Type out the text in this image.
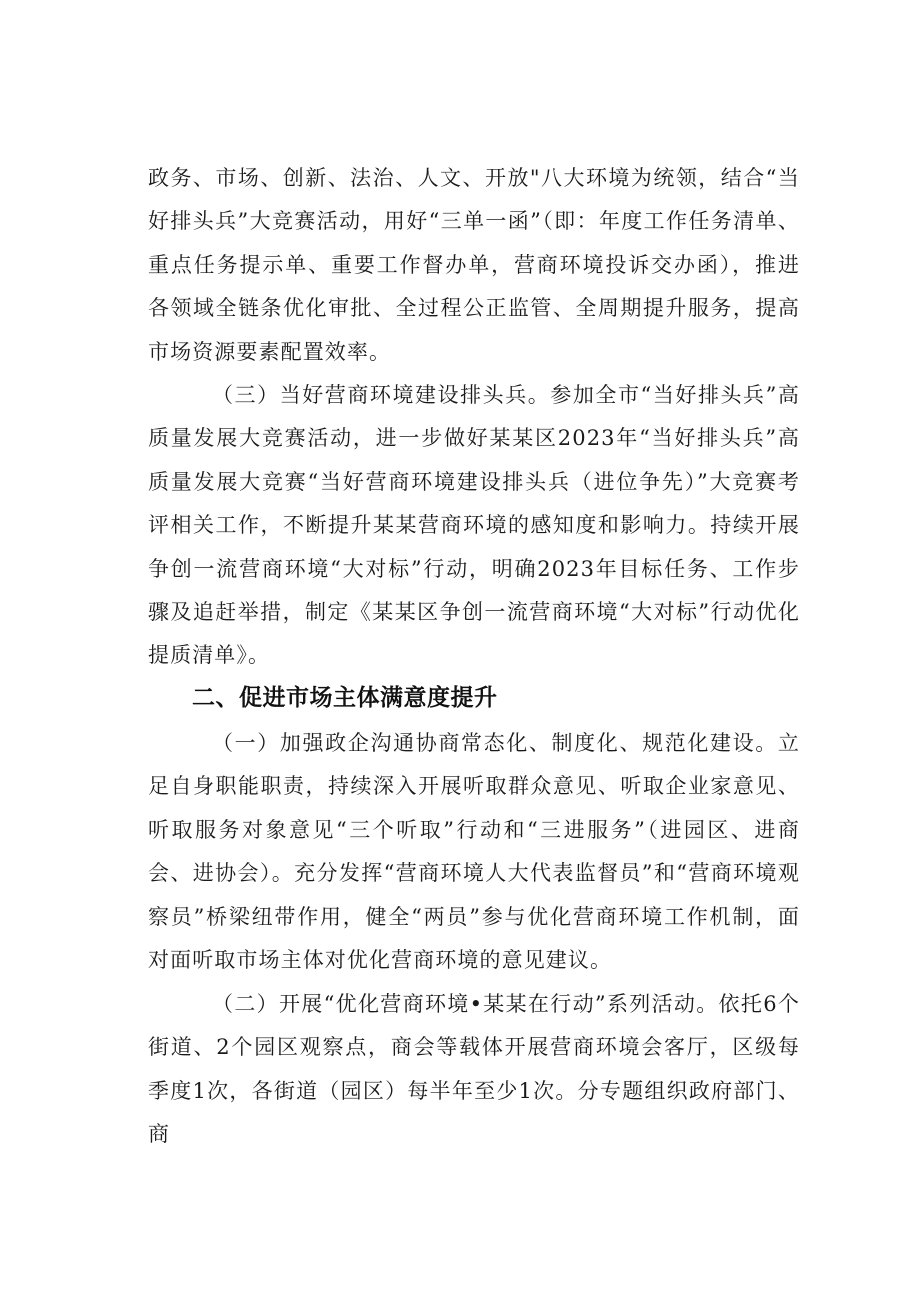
政务、市场、创新、法治、人文、开放"八大环境为统领，结合“当好排头兵”大竞赛活动，用好“三单一函”（即：年度工作任务清单、重点任务提示单、重要工作督办单，营商环境投诉交办函），推进各领域全链条优化审批、全过程公正监管、全周期提升服务，提高市场资源要素配置效率。

（三）当好营商环境建设排头兵。参加全市“当好排头兵”高质量发展大竞赛活动，进一步做好某某区2023年“当好排头兵”高质量发展大竞赛“当好营商环境建设排头兵（进位争先）”大竞赛考评相关工作，不断提升某某营商环境的感知度和影响力。持续开展争创一流营商环境“大对标”行动，明确2023年目标任务、工作步骤及追赶举措，制定《某某区争创一流营商环境“大对标”行动优化提质清单》。

二、促进市场主体满意度提升

（一）加强政企沟通协商常态化、制度化、规范化建设。立足自身职能职责，持续深入开展听取群众意见、听取企业家意见、听取服务对象意见“三个听取”行动和“三进服务”（进园区、进商会、进协会）。充分发挥“营商环境人大代表监督员”和“营商环境观察员”桥梁纽带作用，健全“两员”参与优化营商环境工作机制，面对面听取市场主体对优化营商环境的意见建议。

（二）开展“优化营商环境•某某在行动”系列活动。依托6个街道、2个园区观察点，商会等载体开展营商环境会客厅，区级每季度1次，各街道（园区）每半年至少1次。分专题组织政府部门、商
